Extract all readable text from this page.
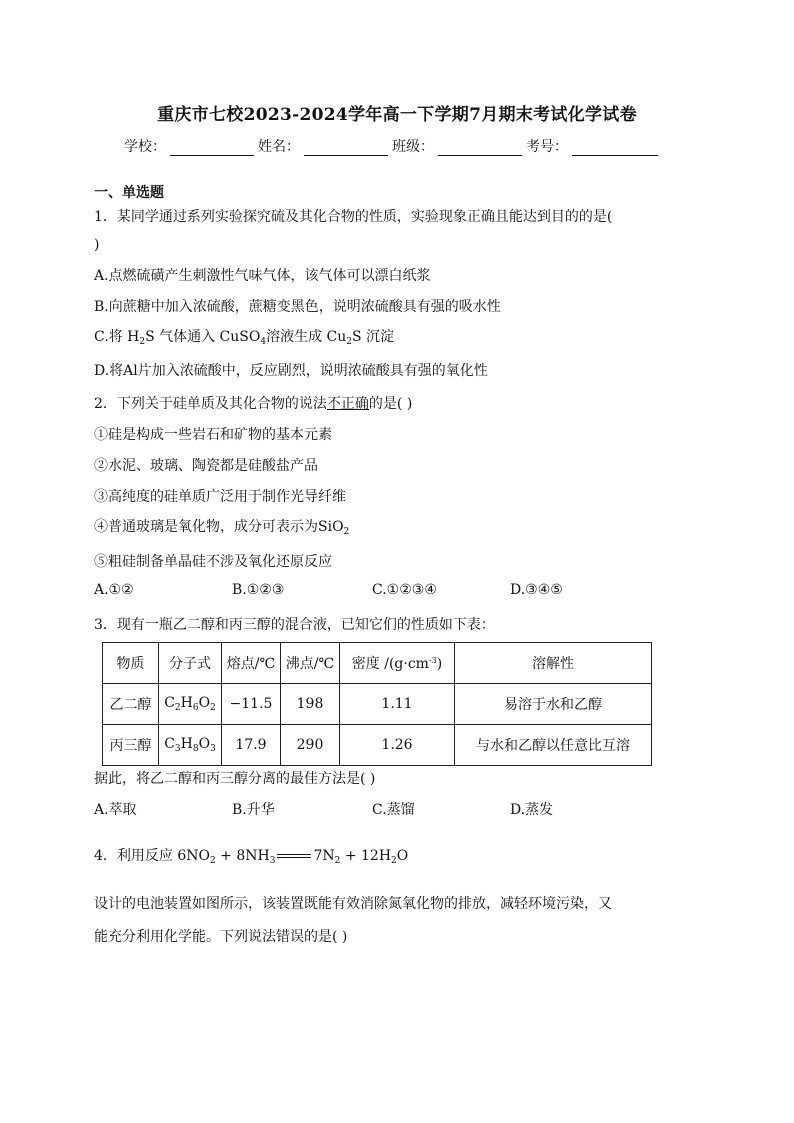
重庆市七校2023-2024学年高一下学期7月期末考试化学试卷
学校：	姓名：	班级：	考号：
一、单选题
1．某同学通过系列实验探究硫及其化合物的性质，实验现象正确且能达到目的的是(
)
A.点燃硫磺产生刺激性气味气体，该气体可以漂白纸浆
B.向蔗糖中加入浓硫酸，蔗糖变黑色，说明浓硫酸具有强的吸水性
C.将 $H_2S$ 气体通入 CuSO$_4$溶液生成 $Cu_2S$ 沉淀
D.将Al片加入浓硫酸中，反应剧烈，说明浓硫酸具有强的氧化性
2．下列关于硅单质及其化合物的说法不正确的是( )
①硅是构成一些岩石和矿物的基本元素
②水泥、玻璃、陶瓷都是硅酸盐产品
③高纯度的硅单质广泛用于制作光导纤维
④普通玻璃是氧化物，成分可表示为SiO$_2$
⑤粗硅制备单晶硅不涉及氧化还原反应
A.①②	B.①②③	C.①②③④	D.③④⑤
3．现有一瓶乙二醇和丙三醇的混合液，已知它们的性质如下表：
物质	分子式	熔点/℃	沸点/℃	密度 $/(g\cdot cm^{-3})$	溶解性
乙二醇	$C_2H_6O_2$	−11.5	198	1.11	易溶于水和乙醇
丙三醇	$C_3H_8O_3$	17.9	290	1.26	与水和乙醇以任意比互溶
据此，将乙二醇和丙三醇分离的最佳方法是( )
A.萃取	B.升华	C.蒸馏	D.蒸发
4．利用反应 $6NO_2 + 8NH_3$	$7N_2 + 12H_2O$
设计的电池装置如图所示，该装置既能有效消除氮氧化物的排放，减轻环境污染，又
能充分利用化学能。下列说法错误的是( )
